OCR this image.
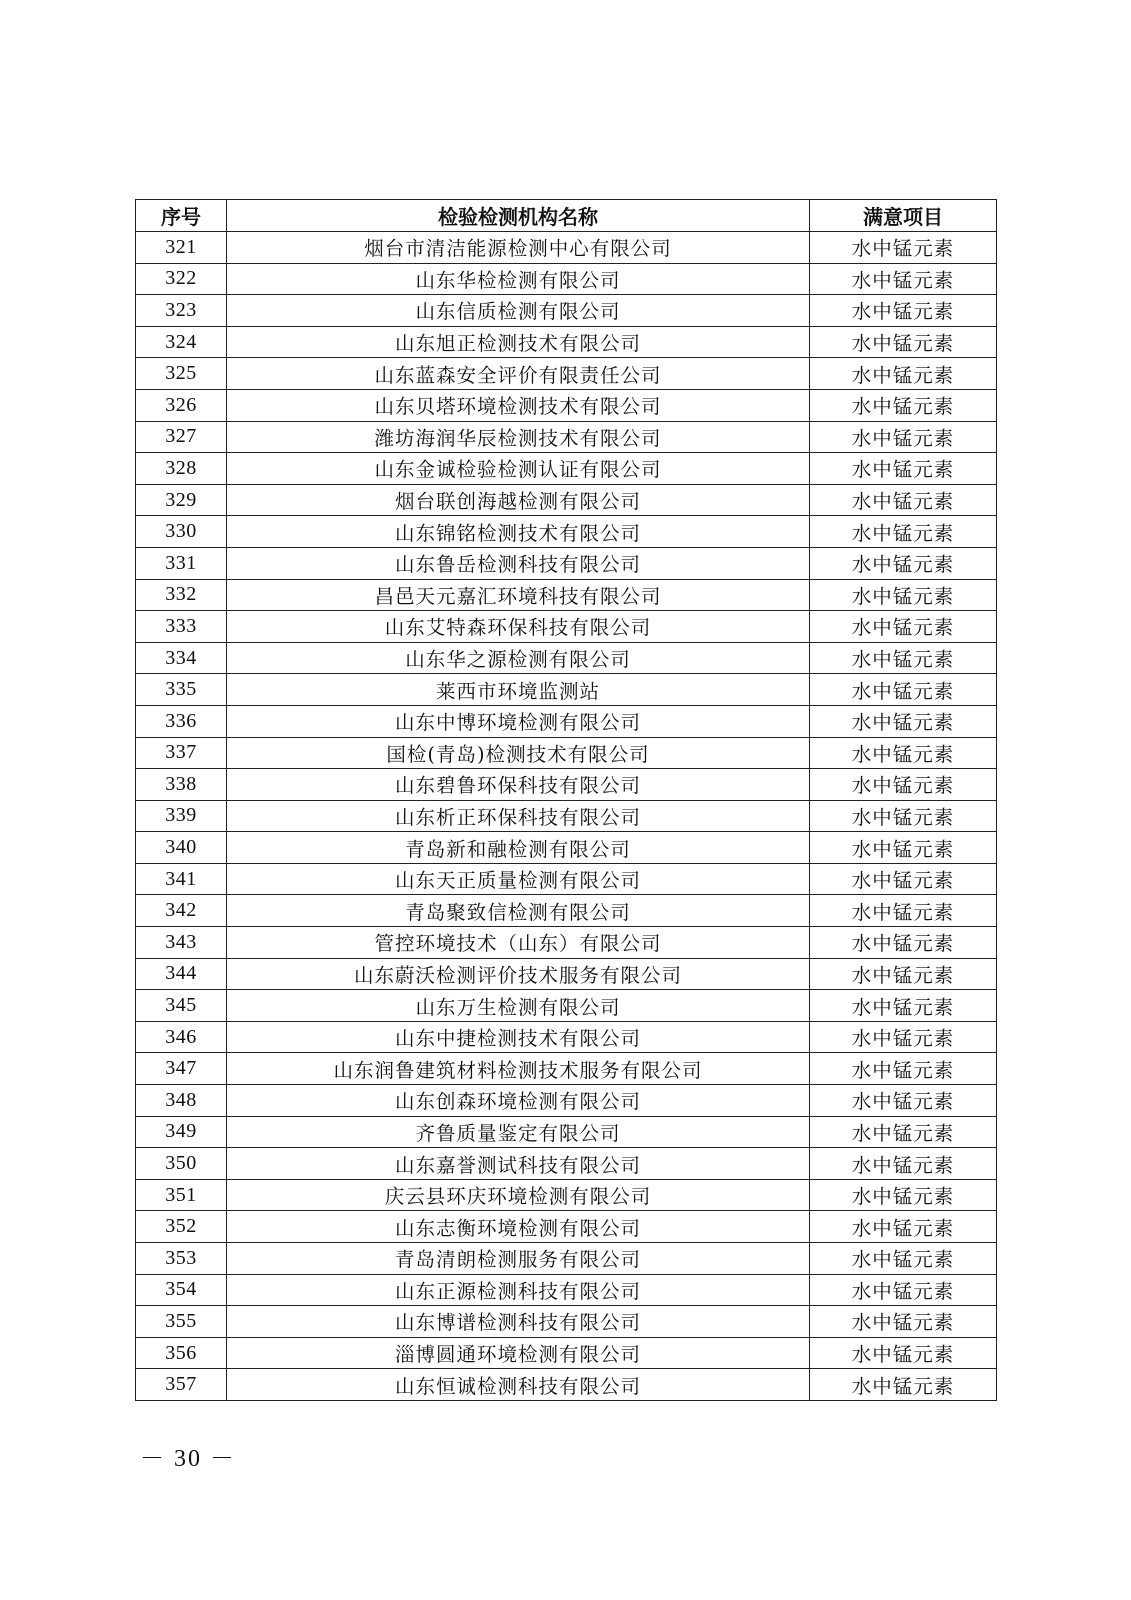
序号	检验检测机构名称	满意项目
321	烟台市清洁能源检测中心有限公司	水中锰元素
322	山东华检检测有限公司	水中锰元素
323	山东信质检测有限公司	水中锰元素
324	山东旭正检测技术有限公司	水中锰元素
325	山东蓝森安全评价有限责任公司	水中锰元素
326	山东贝塔环境检测技术有限公司	水中锰元素
327	潍坊海润华辰检测技术有限公司	水中锰元素
328	山东金诚检验检测认证有限公司	水中锰元素
329	烟台联创海越检测有限公司	水中锰元素
330	山东锦铭检测技术有限公司	水中锰元素
331	山东鲁岳检测科技有限公司	水中锰元素
332	昌邑天元嘉汇环境科技有限公司	水中锰元素
333	山东艾特森环保科技有限公司	水中锰元素
334	山东华之源检测有限公司	水中锰元素
335	莱西市环境监测站	水中锰元素
336	山东中博环境检测有限公司	水中锰元素
337	国检(青岛)检测技术有限公司	水中锰元素
338	山东碧鲁环保科技有限公司	水中锰元素
339	山东析正环保科技有限公司	水中锰元素
340	青岛新和融检测有限公司	水中锰元素
341	山东天正质量检测有限公司	水中锰元素
342	青岛聚致信检测有限公司	水中锰元素
343	管控环境技术（山东）有限公司	水中锰元素
344	山东蔚沃检测评价技术服务有限公司	水中锰元素
345	山东万生检测有限公司	水中锰元素
346	山东中捷检测技术有限公司	水中锰元素
347	山东润鲁建筑材料检测技术服务有限公司	水中锰元素
348	山东创森环境检测有限公司	水中锰元素
349	齐鲁质量鉴定有限公司	水中锰元素
350	山东嘉誉测试科技有限公司	水中锰元素
351	庆云县环庆环境检测有限公司	水中锰元素
352	山东志衡环境检测有限公司	水中锰元素
353	青岛清朗检测服务有限公司	水中锰元素
354	山东正源检测科技有限公司	水中锰元素
355	山东博谱检测科技有限公司	水中锰元素
356	淄博圆通环境检测有限公司	水中锰元素
357	山东恒诚检测科技有限公司	水中锰元素
－ 30 －
